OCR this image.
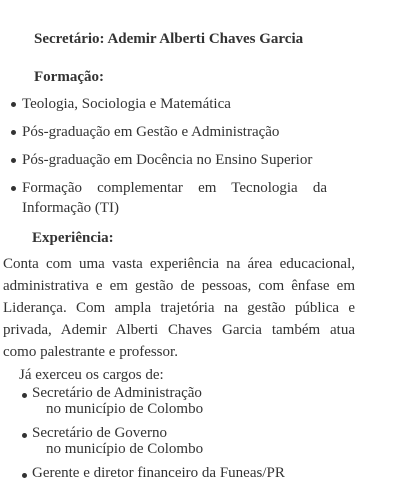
Secretário: Ademir Alberti Chaves Garcia
Formação:
Teologia, Sociologia e Matemática
Pós-graduação em Gestão e Administração
Pós-graduação em Docência no Ensino Superior
Formação complementar em Tecnologia da Informação (TI)
Experiência:

Conta com uma vasta experiência na área educacional, administrativa e em gestão de pessoas, com ênfase em Liderança. Com ampla trajetória na gestão pública e privada, Ademir Alberti Chaves Garcia também atua como palestrante e professor.

Já exerceu os cargos de:
Secretário de Administração
no município de Colombo
Secretário de Governo
no município de Colombo
Gerente e diretor financeiro da Funeas/PR
